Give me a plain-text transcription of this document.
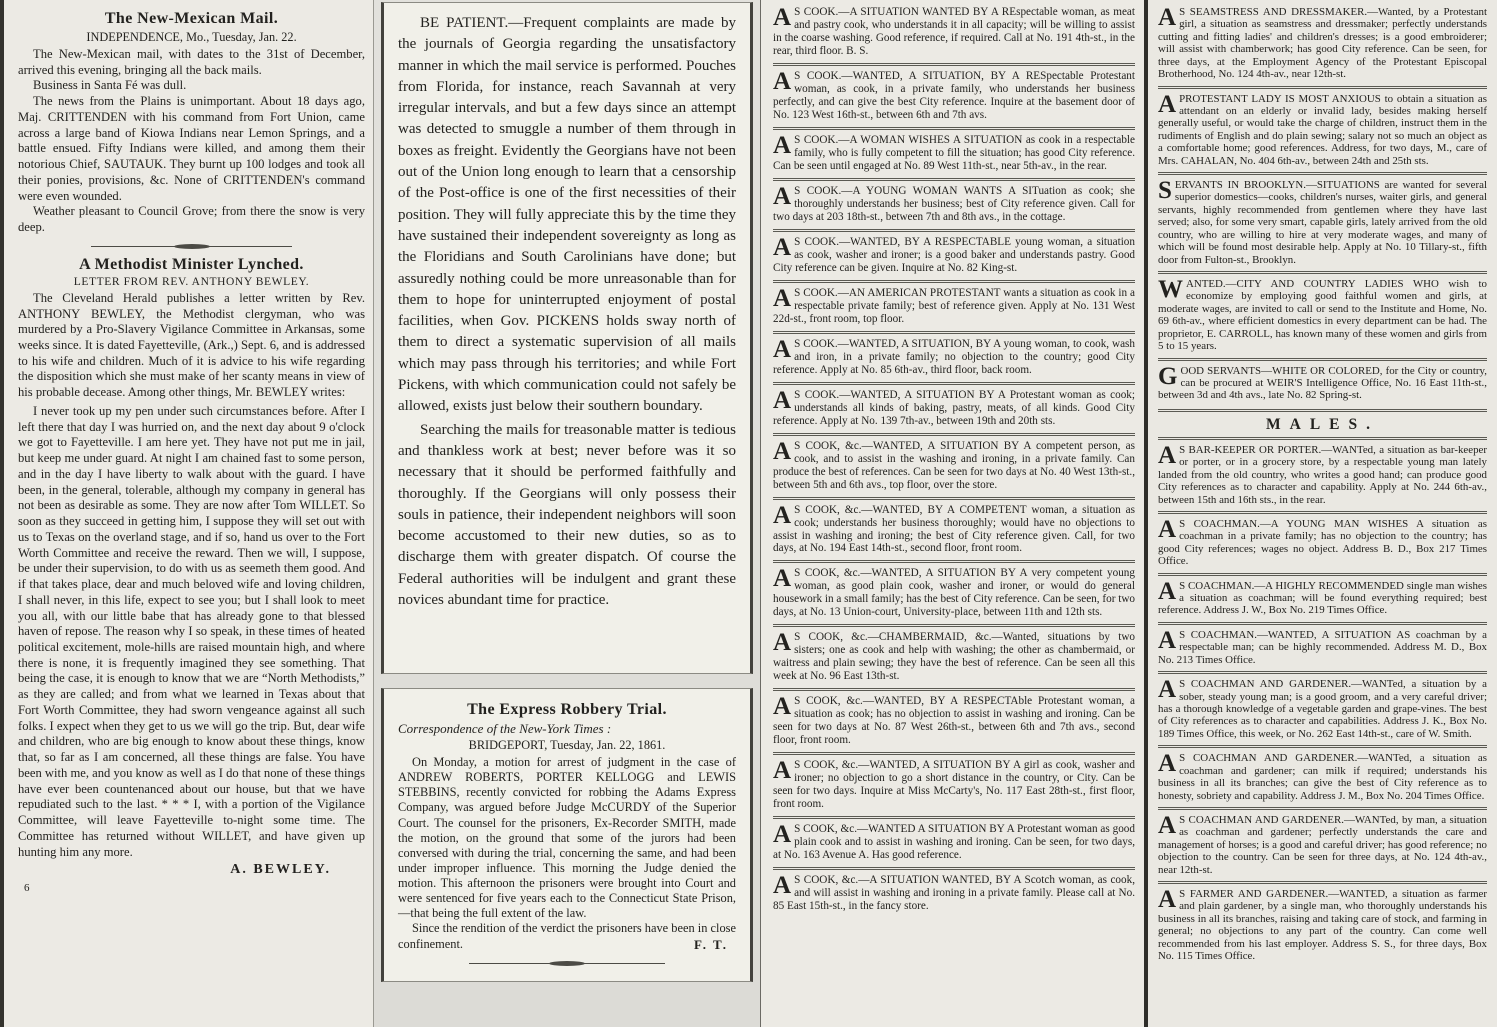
The New-Mexican Mail.
INDEPENDENCE, Mo., Tuesday, Jan. 22.

The New-Mexican mail, with dates to the 31st of December, arrived this evening, bringing all the back mails.

Business in Santa Fé was dull.

The news from the Plains is unimportant. About 18 days ago, Maj. CRITTENDEN with his command from Fort Union, came across a large band of Kiowa Indians near Lemon Springs, and a battle ensued. Fifty Indians were killed, and among them their notorious Chief, SAUTAUK. They burnt up 100 lodges and took all their ponies, provisions, &c. None of CRITTENDEN's command were even wounded.

Weather pleasant to Council Grove; from there the snow is very deep.

A Methodist Minister Lynched.
LETTER FROM REV. ANTHONY BEWLEY.

The Cleveland Herald publishes a letter written by Rev. ANTHONY BEWLEY, the Methodist clergyman, who was murdered by a Pro-Slavery Vigilance Committee in Arkansas, some weeks since. It is dated Fayetteville, (Ark.,) Sept. 6, and is addressed to his wife and children. Much of it is advice to his wife regarding the disposition which she must make of her scanty means in view of his probable decease. Among other things, Mr. BEWLEY writes:

I never took up my pen under such circumstances before. After I left there that day I was hurried on, and the next day about 9 o'clock we got to Fayetteville. I am here yet. They have not put me in jail, but keep me under guard. At night I am chained fast to some person, and in the day I have liberty to walk about with the guard. I have been, in the general, tolerable, although my company in general has not been as desirable as some. They are now after Tom WILLET. So soon as they succeed in getting him, I suppose they will set out with us to Texas on the overland stage, and if so, hand us over to the Fort Worth Committee and receive the reward. Then we will, I suppose, be under their supervision, to do with us as seemeth them good. And if that takes place, dear and much beloved wife and loving children, I shall never, in this life, expect to see you; but I shall look to meet you all, with our little babe that has already gone to that blessed haven of repose. The reason why I so speak, in these times of heated political excitement, mole-hills are raised mountain high, and where there is none, it is frequently imagined they see something. That being the case, it is enough to know that we are “North Methodists,” as they are called; and from what we learned in Texas about that Fort Worth Committee, they had sworn vengeance against all such folks. I expect when they get to us we will go the trip. But, dear wife and children, who are big enough to know about these things, know that, so far as I am concerned, all these things are false. You have been with me, and you know as well as I do that none of these things have ever been countenanced about our house, but that we have repudiated such to the last. * * * I, with a portion of the Vigilance Committee, will leave Fayetteville to-night some time. The Committee has returned without WILLET, and have given up hunting him any more.

A. BEWLEY.
6

BE PATIENT.—Frequent complaints are made by the journals of Georgia regarding the unsatisfactory manner in which the mail service is performed. Pouches from Florida, for instance, reach Savannah at very irregular intervals, and but a few days since an attempt was detected to smuggle a number of them through in boxes as freight. Evidently the Georgians have not been out of the Union long enough to learn that a censorship of the Post-office is one of the first necessities of their position. They will fully appreciate this by the time they have sustained their independent sovereignty as long as the Floridians and South Carolinians have done; but assuredly nothing could be more unreasonable than for them to hope for uninterrupted enjoyment of postal facilities, when Gov. PICKENS holds sway north of them to direct a systematic supervision of all mails which may pass through his territories; and while Fort Pickens, with which communication could not safely be allowed, exists just below their southern boundary.

Searching the mails for treasonable matter is tedious and thankless work at best; never before was it so necessary that it should be performed faithfully and thoroughly. If the Georgians will only possess their souls in patience, their independent neighbors will soon become accustomed to their new duties, so as to discharge them with greater dispatch. Of course the Federal authorities will be indulgent and grant these novices abundant time for practice.

The Express Robbery Trial.
Correspondence of the New-York Times :
BRIDGEPORT, Tuesday, Jan. 22, 1861.

On Monday, a motion for arrest of judgment in the case of ANDREW ROBERTS, PORTER KELLOGG and LEWIS STEBBINS, recently convicted for robbing the Adams Express Company, was argued before Judge McCURDY of the Superior Court. The counsel for the prisoners, Ex-Recorder SMITH, made the motion, on the ground that some of the jurors had been conversed with during the trial, concerning the same, and had been under improper influence. This morning the Judge denied the motion. This afternoon the prisoners were brought into Court and were sentenced for five years each to the Connecticut State Prison,—that being the full extent of the law.

Since the rendition of the verdict the prisoners have been in close confinement.	F. T.

AS COOK.—A SITUATION WANTED BY A REspectable woman, as meat and pastry cook, who understands it in all capacity; will be willing to assist in the coarse washing. Good reference, if required. Call at No. 191 4th-st., in the rear, third floor. B. S.

AS COOK.—WANTED, A SITUATION, BY A RESpectable Protestant woman, as cook, in a private family, who understands her business perfectly, and can give the best City reference. Inquire at the basement door of No. 123 West 16th-st., between 6th and 7th avs.

AS COOK.—A WOMAN WISHES A SITUATION as cook in a respectable family, who is fully competent to fill the situation; has good City reference. Can be seen until engaged at No. 89 West 11th-st., near 5th-av., in the rear.

AS COOK.—A YOUNG WOMAN WANTS A SITuation as cook; she thoroughly understands her business; best of City reference given. Call for two days at 203 18th-st., between 7th and 8th avs., in the cottage.

AS COOK.—WANTED, BY A RESPECTABLE young woman, a situation as cook, washer and ironer; is a good baker and understands pastry. Good City reference can be given. Inquire at No. 82 King-st.

AS COOK.—AN AMERICAN PROTESTANT wants a situation as cook in a respectable private family; best of reference given. Apply at No. 131 West 22d-st., front room, top floor.

AS COOK.—WANTED, A SITUATION, BY A young woman, to cook, wash and iron, in a private family; no objection to the country; good City reference. Apply at No. 85 6th-av., third floor, back room.

AS COOK.—WANTED, A SITUATION BY A Protestant woman as cook; understands all kinds of baking, pastry, meats, of all kinds. Good City reference. Apply at No. 139 7th-av., between 19th and 20th sts.

AS COOK, &c.—WANTED, A SITUATION BY A competent person, as cook, and to assist in the washing and ironing, in a private family. Can produce the best of references. Can be seen for two days at No. 40 West 13th-st., between 5th and 6th avs., top floor, over the store.

AS COOK, &c.—WANTED, BY A COMPETENT woman, a situation as cook; understands her business thoroughly; would have no objections to assist in washing and ironing; the best of City reference given. Call, for two days, at No. 194 East 14th-st., second floor, front room.

AS COOK, &c.—WANTED, A SITUATION BY A very competent young woman, as good plain cook, washer and ironer, or would do general housework in a small family; has the best of City reference. Can be seen, for two days, at No. 13 Union-court, University-place, between 11th and 12th sts.

AS COOK, &c.—CHAMBERMAID, &c.—Wanted, situations by two sisters; one as cook and help with washing; the other as chambermaid, or waitress and plain sewing; they have the best of reference. Can be seen all this week at No. 96 East 13th-st.

AS COOK, &c.—WANTED, BY A RESPECTAble Protestant woman, a situation as cook; has no objection to assist in washing and ironing. Can be seen for two days at No. 87 West 26th-st., between 6th and 7th avs., second floor, front room.

AS COOK, &c.—WANTED, A SITUATION BY A girl as cook, washer and ironer; no objection to go a short distance in the country, or City. Can be seen for two days. Inquire at Miss McCarty's, No. 117 East 28th-st., first floor, front room.

AS COOK, &c.—WANTED A SITUATION BY A Protestant woman as good plain cook and to assist in washing and ironing. Can be seen, for two days, at No. 163 Avenue A. Has good reference.

AS COOK, &c.—A SITUATION WANTED, BY A Scotch woman, as cook, and will assist in washing and ironing in a private family. Please call at No. 85 East 15th-st., in the fancy store.

AS SEAMSTRESS AND DRESSMAKER.—Wanted, by a Protestant girl, a situation as seamstress and dressmaker; perfectly understands cutting and fitting ladies' and children's dresses; is a good embroiderer; will assist with chamberwork; has good City reference. Can be seen, for three days, at the Employment Agency of the Protestant Episcopal Brotherhood, No. 124 4th-av., near 12th-st.

APROTESTANT LADY IS MOST ANXIOUS to obtain a situation as attendant on an elderly or invalid lady, besides making herself generally useful, or would take the charge of children, instruct them in the rudiments of English and do plain sewing; salary not so much an object as a comfortable home; good references. Address, for two days, M., care of Mrs. CAHALAN, No. 404 6th-av., between 24th and 25th sts.

SERVANTS IN BROOKLYN.—SITUATIONS are wanted for several superior domestics—cooks, children's nurses, waiter girls, and general servants, highly recommended from gentlemen where they have last served; also, for some very smart, capable girls, lately arrived from the old country, who are willing to hire at very moderate wages, and many of which will be found most desirable help. Apply at No. 10 Tillary-st., fifth door from Fulton-st., Brooklyn.

WANTED.—CITY AND COUNTRY LADIES WHO wish to economize by employing good faithful women and girls, at moderate wages, are invited to call or send to the Institute and Home, No. 69 6th-av., where efficient domestics in every department can be had. The proprietor, E. CARROLL, has known many of these women and girls from 5 to 15 years.

GOOD SERVANTS—WHITE OR COLORED, for the City or country, can be procured at WEIR'S Intelligence Office, No. 16 East 11th-st., between 3d and 4th avs., late No. 82 Spring-st.

MALES.

AS BAR-KEEPER OR PORTER.—WANTed, a situation as bar-keeper or porter, or in a grocery store, by a respectable young man lately landed from the old country, who writes a good hand; can produce good City references as to character and capability. Apply at No. 244 6th-av., between 15th and 16th sts., in the rear.

AS COACHMAN.—A YOUNG MAN WISHES A situation as coachman in a private family; has no objection to the country; has good City references; wages no object. Address B. D., Box 217 Times Office.

AS COACHMAN.—A HIGHLY RECOMMENDED single man wishes a situation as coachman; will be found everything required; best reference. Address J. W., Box No. 219 Times Office.

AS COACHMAN.—WANTED, A SITUATION AS coachman by a respectable man; can be highly recommended. Address M. D., Box No. 213 Times Office.

AS COACHMAN AND GARDENER.—WANTed, a situation by a sober, steady young man; is a good groom, and a very careful driver; has a thorough knowledge of a vegetable garden and grape-vines. The best of City references as to character and capabilities. Address J. K., Box No. 189 Times Office, this week, or No. 262 East 14th-st., care of W. Smith.

AS COACHMAN AND GARDENER.—WANTed, a situation as coachman and gardener; can milk if required; understands his business in all its branches; can give the best of City reference as to honesty, sobriety and capability. Address J. M., Box No. 204 Times Office.

AS COACHMAN AND GARDENER.—WANTed, by man, a situation as coachman and gardener; perfectly understands the care and management of horses; is a good and careful driver; has good reference; no objection to the country. Can be seen for three days, at No. 124 4th-av., near 12th-st.

AS FARMER AND GARDENER.—WANTED, a situation as farmer and plain gardener, by a single man, who thoroughly understands his business in all its branches, raising and taking care of stock, and farming in general; no objections to any part of the country. Can come well recommended from his last employer. Address S. S., for three days, Box No. 115 Times Office.
